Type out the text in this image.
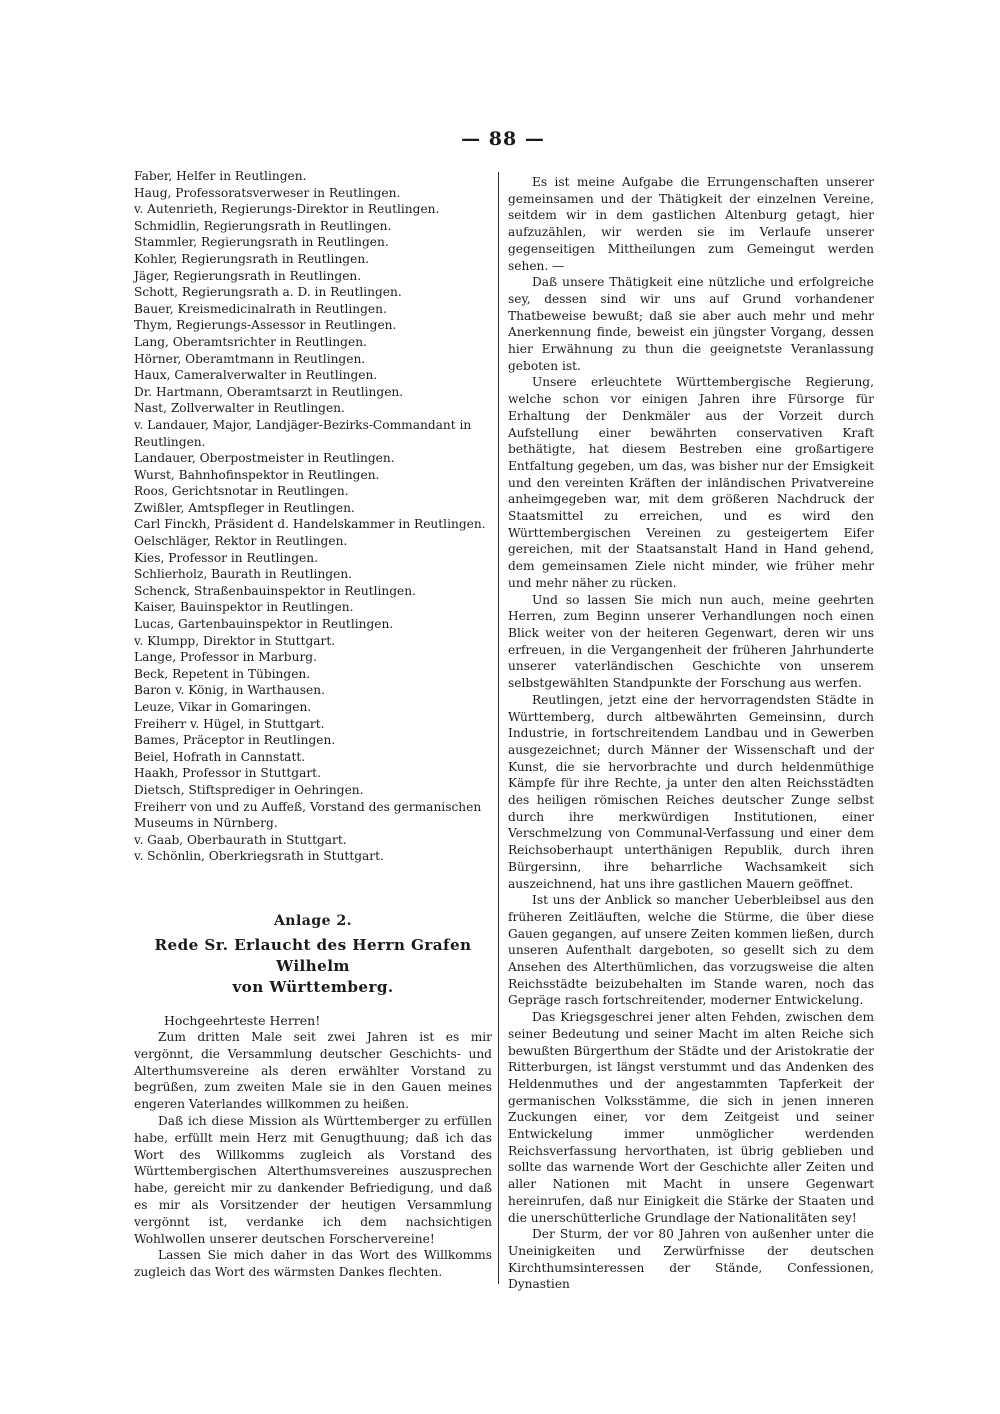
— 88 —
Faber, Helfer in Reutlingen.
Haug, Professoratsverweser in Reutlingen.
v. Autenrieth, Regierungs-Direktor in Reutlingen.
Schmidlin, Regierungsrath in Reutlingen.
Stammler, Regierungsrath in Reutlingen.
Kohler, Regierungsrath in Reutlingen.
Jäger, Regierungsrath in Reutlingen.
Schott, Regierungsrath a. D. in Reutlingen.
Bauer, Kreismedicinalrath in Reutlingen.
Thym, Regierungs-Assessor in Reutlingen.
Lang, Oberamtsrichter in Reutlingen.
Hörner, Oberamtmann in Reutlingen.
Haux, Cameralverwalter in Reutlingen.
Dr. Hartmann, Oberamtsarzt in Reutlingen.
Nast, Zollverwalter in Reutlingen.
v. Landauer, Major, Landjäger-Bezirks-Commandant in Reutlingen.
Landauer, Oberpostmeister in Reutlingen.
Wurst, Bahnhofinspektor in Reutlingen.
Roos, Gerichtsnotar in Reutlingen.
Zwißler, Amtspfleger in Reutlingen.
Carl Finckh, Präsident d. Handelskammer in Reutlingen.
Oelschläger, Rektor in Reutlingen.
Kies, Professor in Reutlingen.
Schlierholz, Baurath in Reutlingen.
Schenck, Straßenbauinspektor in Reutlingen.
Kaiser, Bauinspektor in Reutlingen.
Lucas, Gartenbauinspektor in Reutlingen.
v. Klumpp, Direktor in Stuttgart.
Lange, Professor in Marburg.
Beck, Repetent in Tübingen.
Baron v. König, in Warthausen.
Leuze, Vikar in Gomaringen.
Freiherr v. Hügel, in Stuttgart.
Bames, Präceptor in Reutlingen.
Beiel, Hofrath in Cannstatt.
Haakh, Professor in Stuttgart.
Dietsch, Stiftsprediger in Oehringen.
Freiherr von und zu Auffeß, Vorstand des germanischen Museums in Nürnberg.
v. Gaab, Oberbaurath in Stuttgart.
v. Schönlin, Oberkriegsrath in Stuttgart.
Anlage 2.
Rede Sr. Erlaucht des Herrn Grafen Wilhelm
von Württemberg.
Hochgeehrteste Herren!

Zum dritten Male seit zwei Jahren ist es mir vergönnt, die Versammlung deutscher Geschichts- und Alterthumsvereine als deren erwählter Vorstand zu begrüßen, zum zweiten Male sie in den Gauen meines engeren Vaterlandes willkommen zu heißen.

Daß ich diese Mission als Württemberger zu erfüllen habe, erfüllt mein Herz mit Genugthuung; daß ich das Wort des Willkomms zugleich als Vorstand des Württembergischen Alterthumsvereines auszusprechen habe, gereicht mir zu dankender Befriedigung, und daß es mir als Vorsitzender der heutigen Versammlung vergönnt ist, verdanke ich dem nachsichtigen Wohlwollen unserer deutschen Forschervereine!

Lassen Sie mich daher in das Wort des Willkomms zugleich das Wort des wärmsten Dankes flechten.

Es ist meine Aufgabe die Errungenschaften unserer gemeinsamen und der Thätigkeit der einzelnen Vereine, seitdem wir in dem gastlichen Altenburg getagt, hier aufzuzählen, wir werden sie im Verlaufe unserer gegenseitigen Mittheilungen zum Gemeingut werden sehen. —

Daß unsere Thätigkeit eine nützliche und erfolgreiche sey, dessen sind wir uns auf Grund vorhandener Thatbeweise bewußt; daß sie aber auch mehr und mehr Anerkennung finde, beweist ein jüngster Vorgang, dessen hier Erwähnung zu thun die geeignetste Veranlassung geboten ist.

Unsere erleuchtete Württembergische Regierung, welche schon vor einigen Jahren ihre Fürsorge für Erhaltung der Denkmäler aus der Vorzeit durch Aufstellung einer bewährten conservativen Kraft bethätigte, hat diesem Bestreben eine großartigere Entfaltung gegeben, um das, was bisher nur der Emsigkeit und den vereinten Kräften der inländischen Privatvereine anheimgegeben war, mit dem größeren Nachdruck der Staatsmittel zu erreichen, und es wird den Württembergischen Vereinen zu gesteigertem Eifer gereichen, mit der Staatsanstalt Hand in Hand gehend, dem gemeinsamen Ziele nicht minder, wie früher mehr und mehr näher zu rücken.

Und so lassen Sie mich nun auch, meine geehrten Herren, zum Beginn unserer Verhandlungen noch einen Blick weiter von der heiteren Gegenwart, deren wir uns erfreuen, in die Vergangenheit der früheren Jahrhunderte unserer vaterländischen Geschichte von unserem selbstgewählten Standpunkte der Forschung aus werfen.

Reutlingen, jetzt eine der hervorragendsten Städte in Württemberg, durch altbewährten Gemeinsinn, durch Industrie, in fortschreitendem Landbau und in Gewerben ausgezeichnet; durch Männer der Wissenschaft und der Kunst, die sie hervorbrachte und durch heldenmüthige Kämpfe für ihre Rechte, ja unter den alten Reichsstädten des heiligen römischen Reiches deutscher Zunge selbst durch ihre merkwürdigen Institutionen, einer Verschmelzung von Communal-Verfassung und einer dem Reichsoberhaupt unterthänigen Republik, durch ihren Bürgersinn, ihre beharrliche Wachsamkeit sich auszeichnend, hat uns ihre gastlichen Mauern geöffnet.

Ist uns der Anblick so mancher Ueberbleibsel aus den früheren Zeitläuften, welche die Stürme, die über diese Gauen gegangen, auf unsere Zeiten kommen ließen, durch unseren Aufenthalt dargeboten, so gesellt sich zu dem Ansehen des Alterthümlichen, das vorzugsweise die alten Reichsstädte beizubehalten im Stande waren, noch das Gepräge rasch fortschreitender, moderner Entwickelung.

Das Kriegsgeschrei jener alten Fehden, zwischen dem seiner Bedeutung und seiner Macht im alten Reiche sich bewußten Bürgerthum der Städte und der Aristokratie der Ritterburgen, ist längst verstummt und das Andenken des Heldenmuthes und der angestammten Tapferkeit der germanischen Volksstämme, die sich in jenen inneren Zuckungen einer, vor dem Zeitgeist und seiner Entwickelung immer unmöglicher werdenden Reichsverfassung hervorthaten, ist übrig geblieben und sollte das warnende Wort der Geschichte aller Zeiten und aller Nationen mit Macht in unsere Gegenwart hereinrufen, daß nur Einigkeit die Stärke der Staaten und die unerschütterliche Grundlage der Nationalitäten sey!

Der Sturm, der vor 80 Jahren von außenher unter die Uneinigkeiten und Zerwürfnisse der deutschen Kirchthumsinteressen der Stände, Confessionen, Dynastien
